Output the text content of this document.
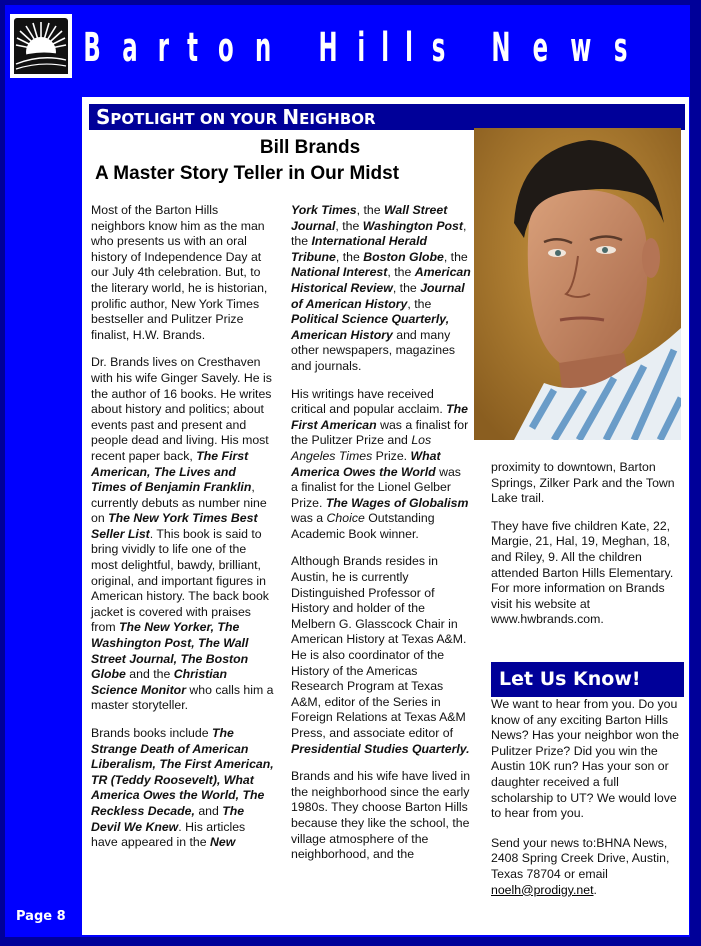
B a r t o n
H i l l s
N e w s
SPOTLIGHT ON YOUR NEIGHBOR
Bill Brands
A Master Story Teller in Our Midst

Most of the Barton Hills neighbors know him as the man who presents us with an oral history of Independence Day at our July 4th celebration. But, to the literary world, he is historian, prolific author, New York Times bestseller and Pulitzer Prize finalist, H.W. Brands.

Dr. Brands lives on Cresthaven with his wife Ginger Savely. He is the author of 16 books. He writes about history and politics; about events past and present and people dead and living. His most recent paper back, The First American, The Lives and Times of Benjamin Franklin, currently debuts as number nine on The New York Times Best Seller List. This book is said to bring vividly to life one of the most delightful, bawdy, brilliant, original, and important figures in American history. The back book jacket is covered with praises from The New Yorker, The Washington Post, The Wall Street Journal, The Boston Globe and the Christian Science Monitor who calls him a master storyteller.

Brands books include The Strange Death of American Liberalism, The First American, TR (Teddy Roosevelt), What America Owes the World, The Reckless Decade, and The Devil We Knew. His articles have appeared in the New

York Times, the Wall Street Journal, the Washington Post, the International Herald Tribune, the Boston Globe, the National Interest, the American Historical Review, the Journal of American History, the Political Science Quarterly, American History and many other newspapers, magazines and journals.

His writings have received critical and popular acclaim. The First American was a finalist for the Pulitzer Prize and Los Angeles Times Prize. What America Owes the World was a finalist for the Lionel Gelber Prize. The Wages of Globalism was a Choice Outstanding Academic Book winner.

Although Brands resides in Austin, he is currently Distinguished Professor of History and holder of the Melbern G. Glasscock Chair in American History at Texas A&M. He is also coordinator of the History of the Americas Research Program at Texas A&M, editor of the Series in Foreign Relations at Texas A&M Press, and associate editor of Presidential Studies Quarterly.

Brands and his wife have lived in the neighborhood since the early 1980s. They choose Barton Hills because they like the school, the village atmosphere of the neighborhood, and the

proximity to downtown, Barton Springs, Zilker Park and the Town Lake trail.

They have five children Kate, 22, Margie, 21, Hal, 19, Meghan, 18, and Riley, 9. All the children attended Barton Hills Elementary. For more information on Brands visit his website at www.hwbrands.com.

Let Us Know!

We want to hear from you. Do you know of any exciting Barton Hills News? Has your neighbor won the Pulitzer Prize? Did you win the Austin 10K run? Has your son or daughter received a full scholarship to UT? We would love to hear from you.

Send your news to:BHNA News, 2408 Spring Creek Drive, Austin, Texas 78704 or email noelh@prodigy.net.

Page 8
